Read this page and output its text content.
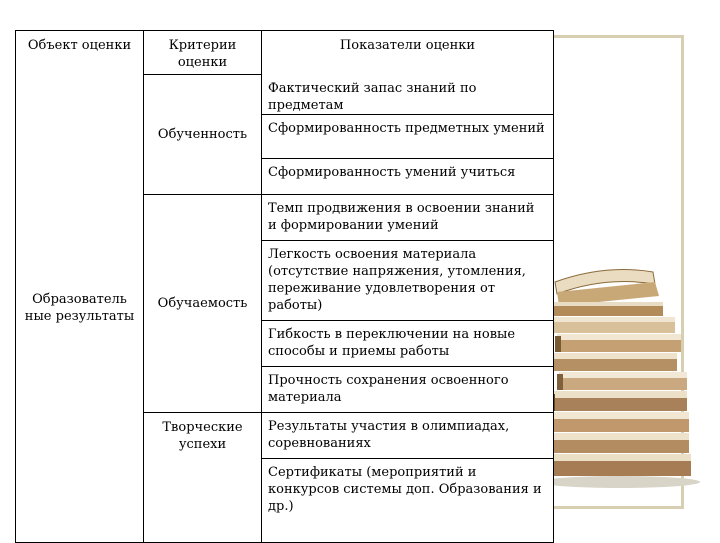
Объект оценки	Критерии оценки	Показатели оценки
Образователь ные результаты	Обученность	Фактический запас знаний по предметам
		Сформированность предметных умений
		Сформированность умений учиться
	Обучаемость	Темп продвижения в освоении знаний и формировании умений
		Легкость освоения материала (отсутствие напряжения, утомления, переживание удовлетворения от работы)
		Гибкость в переключении на новые способы и приемы работы
		Прочность сохранения освоенного материала
	Творческие успехи	Результаты участия в олимпиадах, соревнованиях
		Сертификаты (мероприятий и конкурсов системы доп. Образования и др.)
